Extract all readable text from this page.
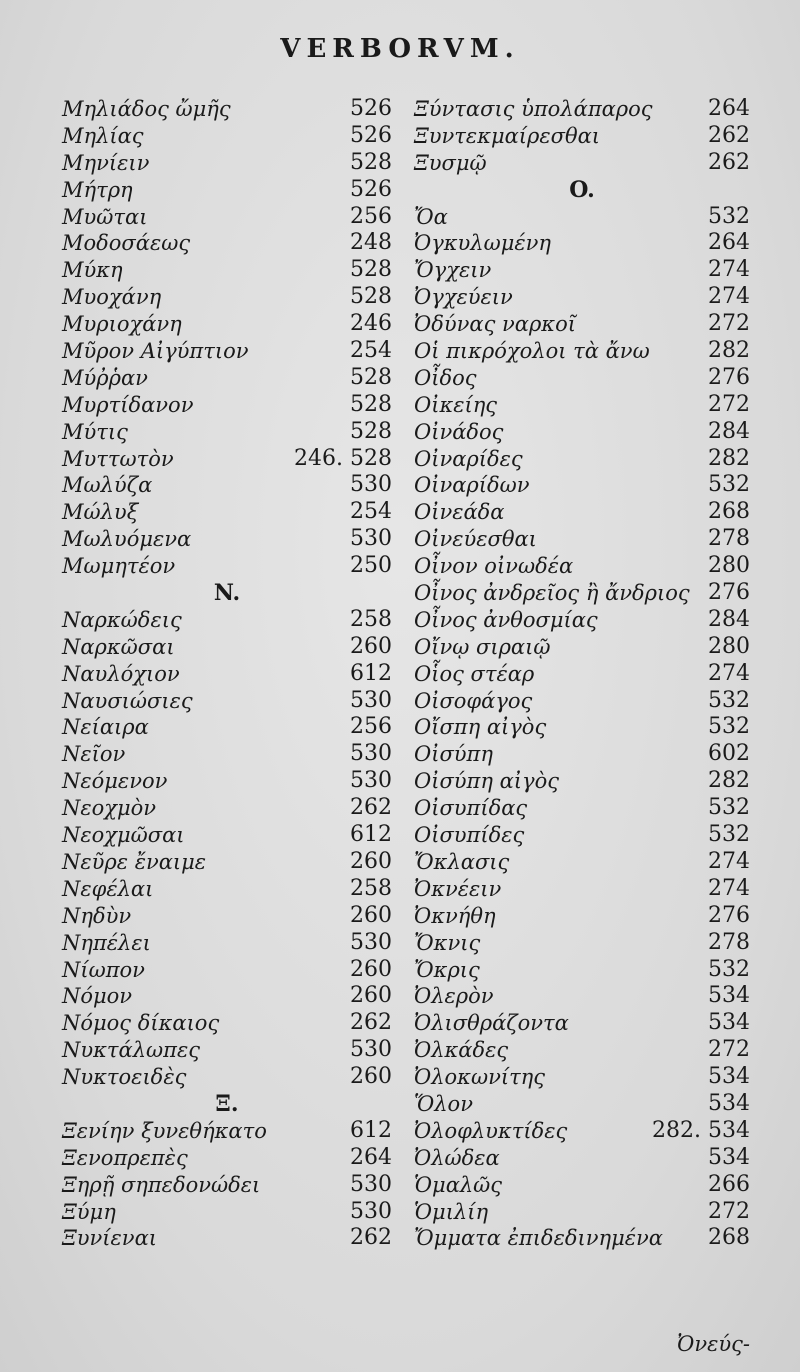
VERBORVM.
Μηλιάδος ὤμῆς	526
Μηλίας	526
Μηνίειν	528
Μήτρη	526
Μυῶται	256
Μοδοσάεως	248
Μύκη	528
Μυοχάνη	528
Μυριοχάνη	246
Μῦρον Αἰγύπτιον	254
Μύῤῥαν	528
Μυρτίδανον	528
Μύτις	528
Μυττωτὸν	246. 528
Μωλύζα	530
Μώλυξ	254
Μωλυόμενα	530
Μωμητέον	250
N.
Ναρκώδεις	258
Ναρκῶσαι	260
Ναυλόχιον	612
Ναυσιώσιες	530
Νείαιρα	256
Νεῖον	530
Νεόμενον	530
Νεοχμὸν	262
Νεοχμῶσαι	612
Νεῦρε ἔναιμε	260
Νεφέλαι	258
Νηδὺν	260
Νηπέλει	530
Νίωπον	260
Νόμον	260
Νόμος δίκαιος	262
Νυκτάλωπες	530
Νυκτοειδὲς	260
Ξ.
Ξενίην ξυνεθήκατο	612
Ξενοπρεπὲς	264
Ξηρῇ σηπεδονώδει	530
Ξύμη	530
Ξυνίεναι	262
Ξύντασις ὑπολάπαρος	264
Ξυντεκμαίρεσθαι	262
Ξυσμῷ	262
O.
Ὄα	532
Ὀγκυλωμένη	264
Ὄγχειν	274
Ὀγχεύειν	274
Ὀδύνας ναρκοῖ	272
Οἱ πικρόχολοι τὰ ἄνω	282
Οἶδος	276
Οἰκείης	272
Οἰνάδος	284
Οἰναρίδες	282
Οἰναρίδων	532
Οἰνεάδα	268
Οἰνεύεσθαι	278
Οἶνον οἰνωδέα	280
Οἶνος ἀνδρεῖος ἢ ἄνδριος 276
Οἶνος ἀνθοσμίας	284
Οἴνῳ σιραιῷ	280
Οἷος στέαρ	274
Οἰσοφάγος	532
Οἴσπη αἰγὸς	532
Οἰσύπη	602
Οἰσύπη αἰγὸς	282
Οἰσυπίδας	532
Οἰσυπίδες	532
Ὄκλασις	274
Ὀκνέειν	274
Ὀκνήθη	276
Ὄκνις	278
Ὄκρις	532
Ὀλερὸν	534
Ὀλισθράζοντα	534
Ὀλκάδες	272
Ὀλοκωνίτης	534
Ὅλον	534
Ὀλοφλυκτίδες	282. 534
Ὀλώδεα	534
Ὁμαλῶς	266
Ὁμιλίη	272
Ὄμματα ἐπιδεδινημένα 268
Ὀνεύς-
